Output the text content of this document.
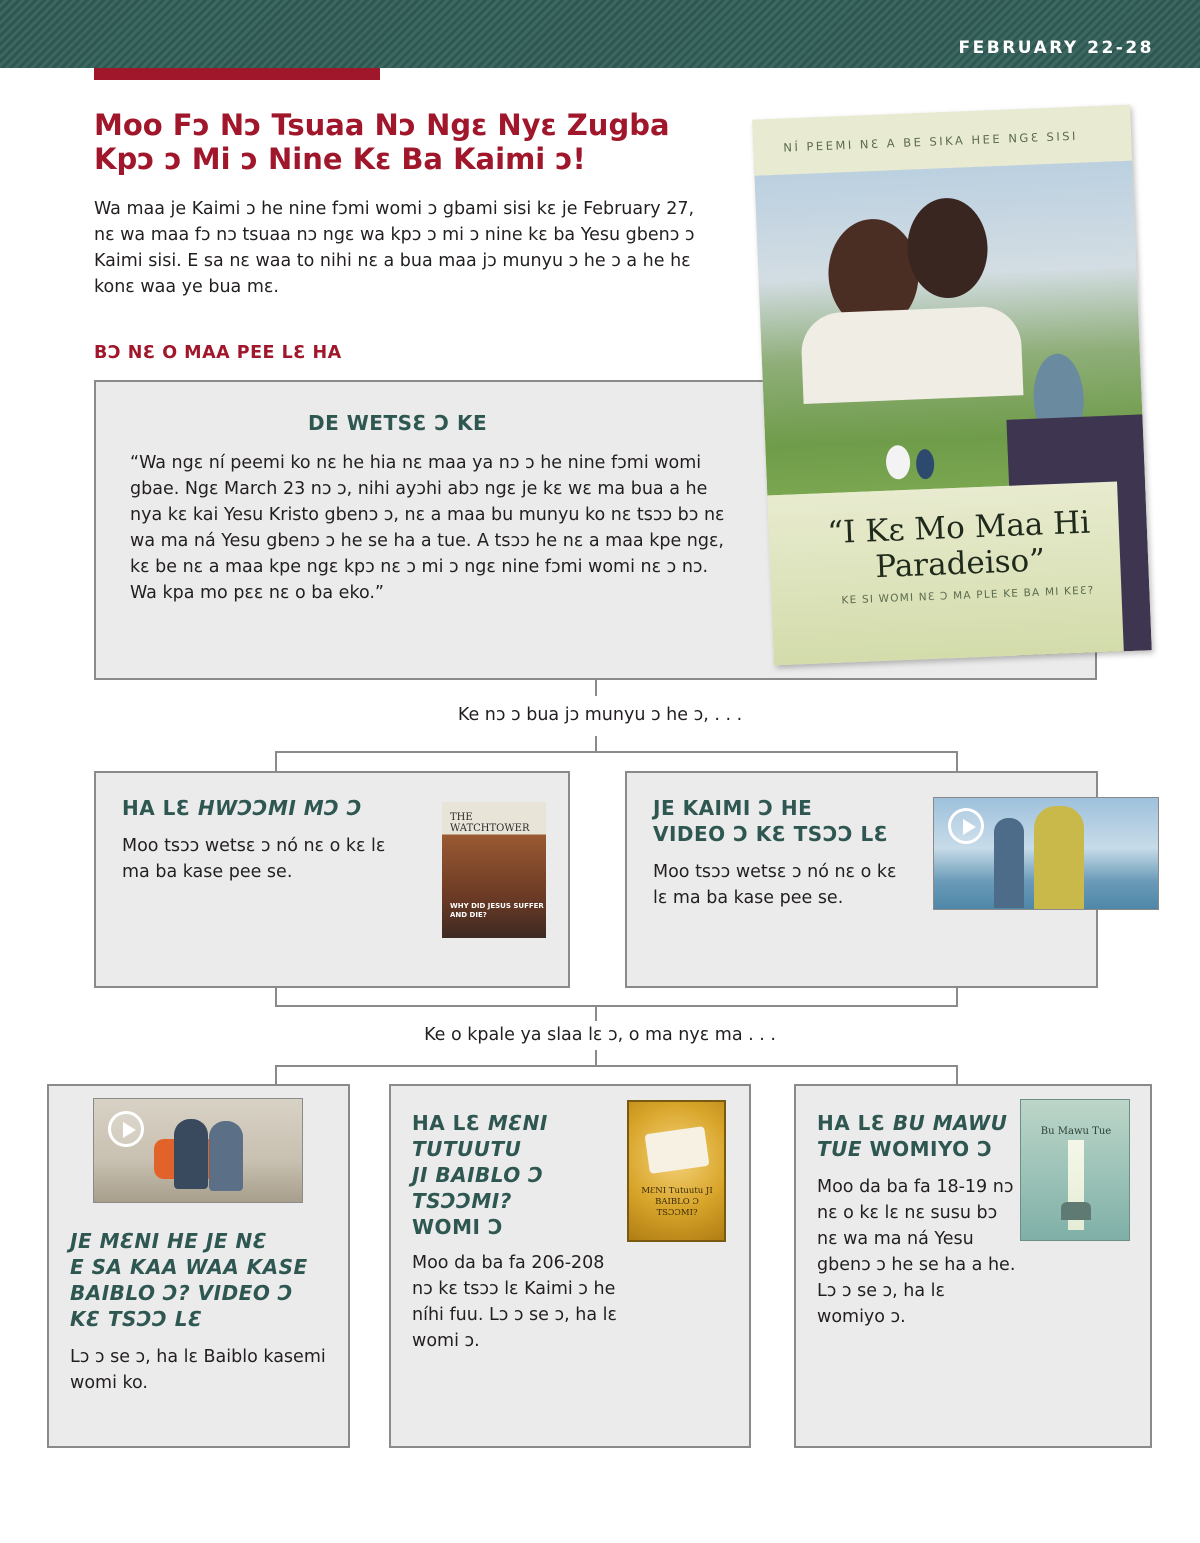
FEBRUARY 22-28
Moo Fɔ Nɔ Tsuaa Nɔ Ngɛ Nyɛ Zugba
Kpɔ ɔ Mi ɔ Nine Kɛ Ba Kaimi ɔ!
Wa maa je Kaimi ɔ he nine fɔmi womi ɔ gbami sisi kɛ je February 27, nɛ wa maa fɔ nɔ tsuaa nɔ ngɛ wa kpɔ ɔ mi ɔ nine kɛ ba Yesu gbenɔ ɔ Kaimi sisi. E sa nɛ waa to nihi nɛ a bua maa jɔ munyu ɔ he ɔ a he hɛ konɛ waa ye bua mɛ.
BƆ NƐ O MAA PEE LƐ HA
DE WETSƐ Ɔ KE
“Wa ngɛ ní peemi ko nɛ he hia nɛ maa ya nɔ ɔ he nine fɔmi womi gbae. Ngɛ March 23 nɔ ɔ, nihi ayɔhi abɔ ngɛ je kɛ wɛ ma bua a he nya kɛ kai Yesu Kristo gbenɔ ɔ, nɛ a maa bu munyu ko nɛ tsɔɔ bɔ nɛ wa ma ná Yesu gbenɔ ɔ he se ha a tue. A tsɔɔ he nɛ a maa kpe ngɛ, kɛ be nɛ a maa kpe ngɛ kpɔ nɛ ɔ mi ɔ ngɛ nine fɔmi womi nɛ ɔ nɔ. Wa kpa mo pɛɛ nɛ o ba eko.”
NÍ PEEMI NƐ A BE SIKA HEE NGƐ SISI
“I Kɛ Mo Maa Hi
Paradeiso”
KE SI WOMI NƐ Ɔ MA PLE KE BA MI KEƐ?
Ke nɔ ɔ bua jɔ munyu ɔ he ɔ, . . .
HA LƐ HWƆƆMI MƆ Ɔ
Moo tsɔɔ wetsɛ ɔ nó nɛ o kɛ lɛ ma ba kase pee se.
THE WATCHTOWER
WHY DID JESUS SUFFER AND DIE?
JE KAIMI Ɔ HE
VIDEO Ɔ KƐ TSƆƆ LƐ
Moo tsɔɔ wetsɛ ɔ nó nɛ o kɛ lɛ ma ba kase pee se.
Ke o kpale ya slaa lɛ ɔ, o ma nyɛ ma . . .
JE MƐNI HE JE NƐ
E SA KAA WAA KASE
BAIBLO Ɔ? VIDEO Ɔ
KƐ TSƆƆ LƐ
Lɔ ɔ se ɔ, ha lɛ Baiblo kasemi womi ko.
HA LƐ MƐNI
TUTUUTU
JI BAIBLO Ɔ
TSƆƆMI?
WOMI Ɔ
Moo da ba fa 206-208 nɔ kɛ tsɔɔ lɛ Kaimi ɔ he níhi fuu. Lɔ ɔ se ɔ, ha lɛ womi ɔ.
MƐNI Tutuutu JI BAIBLO Ɔ TSƆƆMI?
HA LƐ BU MAWU
TUE WOMIYO Ɔ
Moo da ba fa 18-19 nɔ nɛ o kɛ lɛ nɛ susu bɔ nɛ wa ma ná Yesu gbenɔ ɔ he se ha a he. Lɔ ɔ se ɔ, ha lɛ womiyo ɔ.
Bu Mawu Tue
